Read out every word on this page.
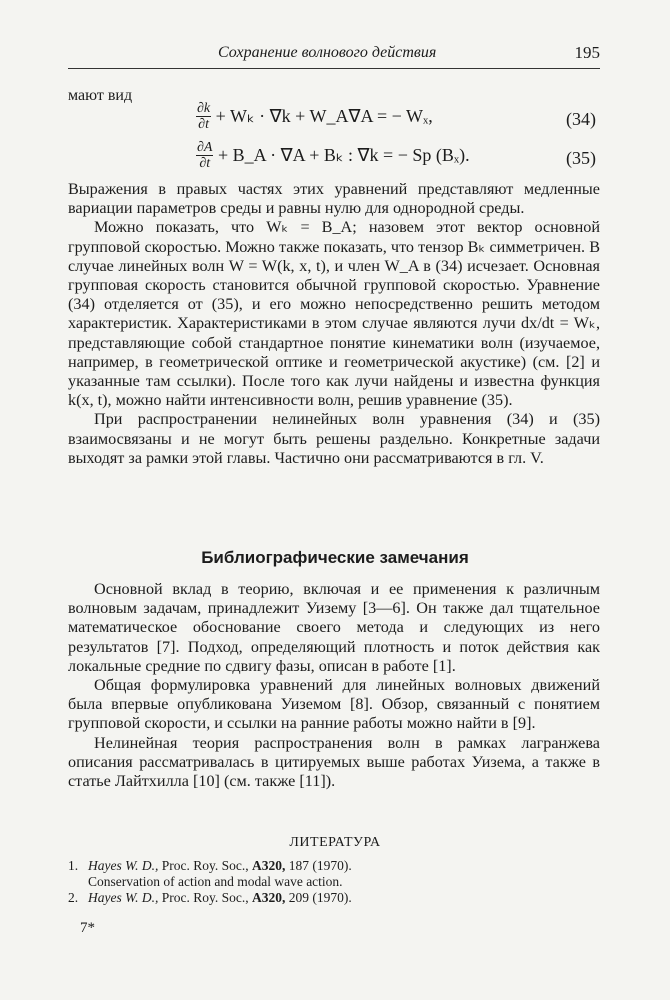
Сохранение волнового действия	195
мают вид
$\frac{\partial k}{\partial t} + W_k \cdot \nabla k$ + W_A∇A = − Wₓ,	(34)
$\frac{\partial A}{\partial t}$ + B_A · ∇A + Bₖ : ∇k = − Sp (Bₓ).	(35)

Выражения в правых частях этих уравнений представляют медленные вариации параметров среды и равны нулю для однородной среды.

Можно показать, что Wₖ = B_A; назовем этот вектор основной групповой скоростью. Можно также показать, что тензор Bₖ симметричен. В случае линейных волн W = W(k, x, t), и член W_A в (34) исчезает. Основная групповая скорость становится обычной групповой скоростью. Уравнение (34) отделяется от (35), и его можно непосредственно решить методом характеристик. Характеристиками в этом случае являются лучи dx/dt = Wₖ, представляющие собой стандартное понятие кинематики волн (изучаемое, например, в геометрической оптике и геометрической акустике) (см. [2] и указанные там ссылки). После того как лучи найдены и известна функция k(x, t), можно найти интенсивности волн, решив уравнение (35).

При распространении нелинейных волн уравнения (34) и (35) взаимосвязаны и не могут быть решены раздельно. Конкретные задачи выходят за рамки этой главы. Частично они рассматриваются в гл. V.

Библиографические замечания

Основной вклад в теорию, включая и ее применения к различным волновым задачам, принадлежит Уизему [3—6]. Он также дал тщательное математическое обоснование своего метода и следующих из него результатов [7]. Подход, определяющий плотность и поток действия как локальные средние по сдвигу фазы, описан в работе [1].

Общая формулировка уравнений для линейных волновых движений была впервые опубликована Уиземом [8]. Обзор, связанный с понятием групповой скорости, и ссылки на ранние работы можно найти в [9].

Нелинейная теория распространения волн в рамках лагранжева описания рассматривалась в цитируемых выше работах Уизема, а также в статье Лайтхилла [10] (см. также [11]).

ЛИТЕРАТУРА
1. Hayes W. D., Proc. Roy. Soc., A320, 187 (1970).
Conservation of action and modal wave action.
2. Hayes W. D., Proc. Roy. Soc., A320, 209 (1970).
7*
